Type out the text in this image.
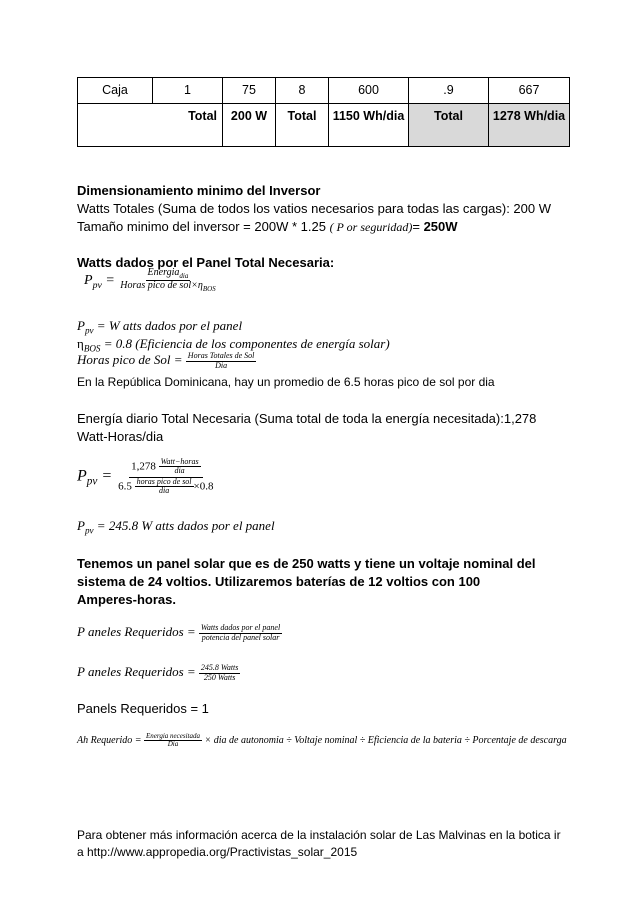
Caja	1	75	8	600	.9	667
Total		200 W	Total	1150 Wh/dia	Total	1278 Wh/dia
Dimensionamiento minimo del Inversor
Watts Totales (Suma de todos los vatios necesarios para todas las cargas): 200 W
Tamaño minimo del inversor = 200W * 1.25 ( P or seguridad)= 250W
Watts dados por el Panel Total Necesaria:
$P_{pv} = \frac{Energia_{dia}}{Horas pico de sol\times\eta_{BOS}}$
$P_{pv} = W$ atts dados por el panel
$\eta_{BOS} = 0.8$ (Eficiencia de los componentes de energía solar)
Horas pico de Sol = $\frac{\text{Horas Totales de Sol}}{\text{Dia}}$
En la República Dominicana, hay un promedio de 6.5 horas pico de sol por dia
Energía diario Total Necesaria (Suma total de toda la energía necesitada):1,278
Watt-Horas/dia
$P_{pv}$ =
$1,278 \frac{\text{Watt−horas}}{\text{dia}}$
$6.5 \frac{\text{horas pico de sol}}{\text{dia}} \times 0.8$
$P_{pv} = 245.8$ W atts dados por el panel
Tenemos un panel solar que es de 250 watts y tiene un voltaje nominal del
sistema de 24 voltios. Utilizaremos baterías de 12 voltios con 100
Amperes-horas.
P aneles Requeridos = $\frac{\text{Watts dados por el panel}}{\text{potencia del panel solar}}$
P aneles Requeridos = $\frac{\text{245.8 Watts}}{\text{250 Watts}}$
Panels Requeridos = 1
Ah Requerido = $\frac{\text{Energia necesitada}}{\text{Dia}}$ × dia de autonomia ÷ Voltaje nominal ÷ Eficiencia de la bateria ÷ Porcentaje de descarga
Para obtener más información acerca de la instalación solar de Las Malvinas en la botica ir
a http://www.appropedia.org/Practivistas_solar_2015
